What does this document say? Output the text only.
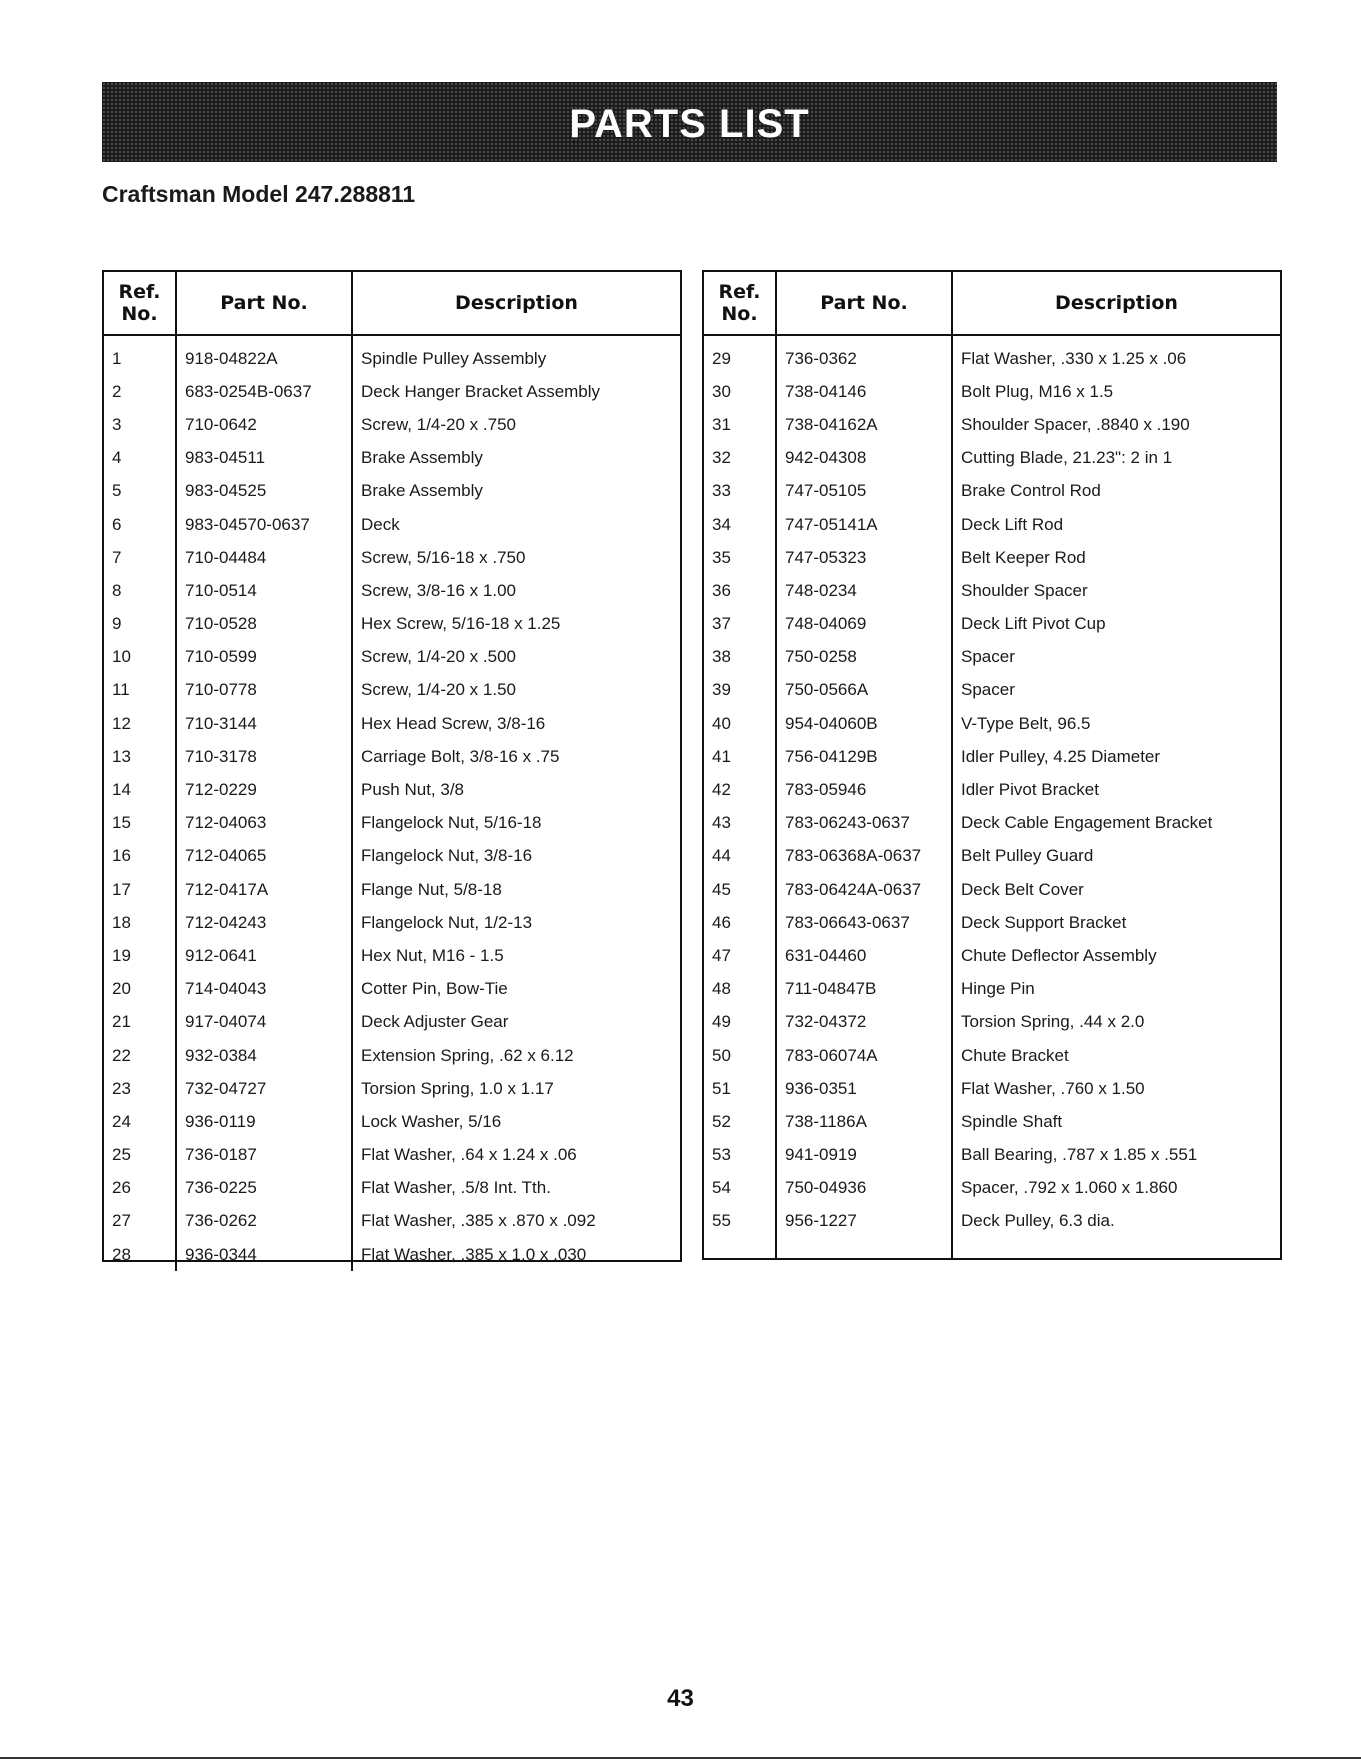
PARTS LIST
Craftsman Model 247.288811
Ref.
No.	Part No.	Description
1	918-04822A	Spindle Pulley Assembly
2	683-0254B-0637	Deck Hanger Bracket Assembly
3	710-0642	Screw, 1/4-20 x .750
4	983-04511	Brake Assembly
5	983-04525	Brake Assembly
6	983-04570-0637	Deck
7	710-04484	Screw, 5/16-18 x .750
8	710-0514	Screw, 3/8-16 x 1.00
9	710-0528	Hex Screw, 5/16-18 x 1.25
10	710-0599	Screw, 1/4-20 x .500
11	710-0778	Screw, 1/4-20 x 1.50
12	710-3144	Hex Head Screw, 3/8-16
13	710-3178	Carriage Bolt, 3/8-16 x .75
14	712-0229	Push Nut, 3/8
15	712-04063	Flangelock Nut, 5/16-18
16	712-04065	Flangelock Nut, 3/8-16
17	712-0417A	Flange Nut, 5/8-18
18	712-04243	Flangelock Nut, 1/2-13
19	912-0641	Hex Nut, M16 - 1.5
20	714-04043	Cotter Pin, Bow-Tie
21	917-04074	Deck Adjuster Gear
22	932-0384	Extension Spring, .62 x 6.12
23	732-04727	Torsion Spring, 1.0 x 1.17
24	936-0119	Lock Washer, 5/16
25	736-0187	Flat Washer, .64 x 1.24 x .06
26	736-0225	Flat Washer, .5/8 Int. Tth.
27	736-0262	Flat Washer, .385 x .870 x .092
28	936-0344	Flat Washer, .385 x 1.0 x .030

Ref.
No.	Part No.	Description
29	736-0362	Flat Washer, .330 x 1.25 x .06
30	738-04146	Bolt Plug, M16 x 1.5
31	738-04162A	Shoulder Spacer, .8840 x .190
32	942-04308	Cutting Blade, 21.23": 2 in 1
33	747-05105	Brake Control Rod
34	747-05141A	Deck Lift Rod
35	747-05323	Belt Keeper Rod
36	748-0234	Shoulder Spacer
37	748-04069	Deck Lift Pivot Cup
38	750-0258	Spacer
39	750-0566A	Spacer
40	954-04060B	V-Type Belt, 96.5
41	756-04129B	Idler Pulley, 4.25 Diameter
42	783-05946	Idler Pivot Bracket
43	783-06243-0637	Deck Cable Engagement Bracket
44	783-06368A-0637	Belt Pulley Guard
45	783-06424A-0637	Deck Belt Cover
46	783-06643-0637	Deck Support Bracket
47	631-04460	Chute Deflector Assembly
48	711-04847B	Hinge Pin
49	732-04372	Torsion Spring, .44 x 2.0
50	783-06074A	Chute Bracket
51	936-0351	Flat Washer, .760 x 1.50
52	738-1186A	Spindle Shaft
53	941-0919	Ball Bearing, .787 x 1.85 x .551
54	750-04936	Spacer, .792 x 1.060 x 1.860
55	956-1227	Deck Pulley, 6.3 dia.

43
